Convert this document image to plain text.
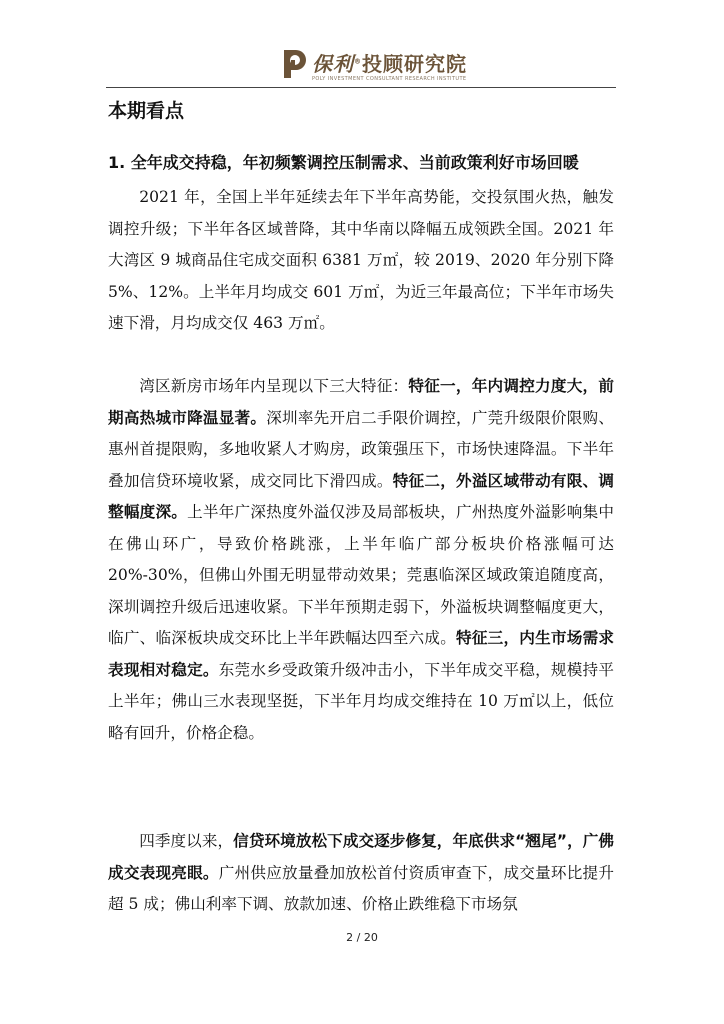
保利®投顾研究院
POLY INVESTMENT CONSULTANT RESEARCH INSTITUTE
本期看点
1. 全年成交持稳，年初频繁调控压制需求、当前政策利好市场回暖

2021 年，全国上半年延续去年下半年高势能，交投氛围火热，触发调控升级；下半年各区域普降，其中华南以降幅五成领跌全国。2021 年大湾区 9 城商品住宅成交面积 6381 万㎡，较 2019、2020 年分别下降 5%、12%。上半年月均成交 601 万㎡，为近三年最高位；下半年市场失速下滑，月均成交仅 463 万㎡。

湾区新房市场年内呈现以下三大特征：特征一，年内调控力度大，前期高热城市降温显著。深圳率先开启二手限价调控，广莞升级限价限购、惠州首提限购，多地收紧人才购房，政策强压下，市场快速降温。下半年叠加信贷环境收紧，成交同比下滑四成。特征二，外溢区域带动有限、调整幅度深。上半年广深热度外溢仅涉及局部板块，广州热度外溢影响集中在佛山环广，导致价格跳涨，上半年临广部分板块价格涨幅可达 20%-30%，但佛山外围无明显带动效果；莞惠临深区域政策追随度高，深圳调控升级后迅速收紧。下半年预期走弱下，外溢板块调整幅度更大，临广、临深板块成交环比上半年跌幅达四至六成。特征三，内生市场需求表现相对稳定。东莞水乡受政策升级冲击小，下半年成交平稳，规模持平上半年；佛山三水表现坚挺，下半年月均成交维持在 10 万㎡以上，低位略有回升，价格企稳。

四季度以来，信贷环境放松下成交逐步修复，年底供求“翘尾”，广佛成交表现亮眼。广州供应放量叠加放松首付资质审查下，成交量环比提升超 5 成；佛山利率下调、放款加速、价格止跌维稳下市场氛

2 / 20
